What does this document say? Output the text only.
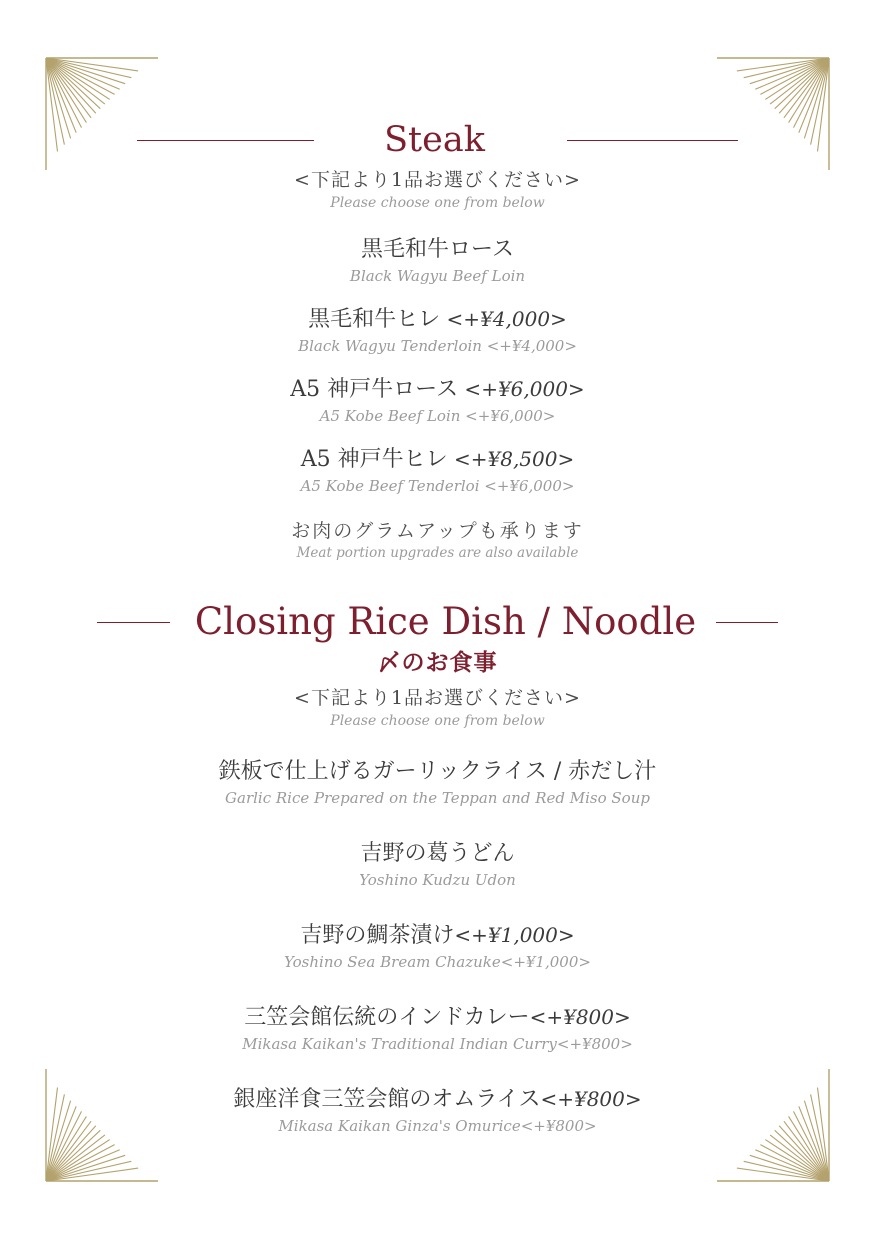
Steak
<下記より1品お選びください>
Please choose one from below
黒毛和牛ロース
Black Wagyu Beef Loin
黒毛和牛ヒレ <+¥4,000>
Black Wagyu Tenderloin <+¥4,000>
A5 神戸牛ロース <+¥6,000>
A5 Kobe Beef Loin <+¥6,000>
A5 神戸牛ヒレ <+¥8,500>
A5 Kobe Beef Tenderloi <+¥6,000>
お肉のグラムアップも承ります
Meat portion upgrades are also available
Closing Rice Dish / Noodle
〆のお食事
<下記より1品お選びください>
Please choose one from below
鉄板で仕上げるガーリックライス / 赤だし汁
Garlic Rice Prepared on the Teppan and Red Miso Soup
吉野の葛うどん
Yoshino Kudzu Udon
吉野の鯛茶漬け<+¥1,000>
Yoshino Sea Bream Chazuke<+¥1,000>
三笠会館伝統のインドカレー<+¥800>
Mikasa Kaikan's Traditional Indian Curry<+¥800>
銀座洋食三笠会館のオムライス<+¥800>
Mikasa Kaikan Ginza's Omurice<+¥800>
